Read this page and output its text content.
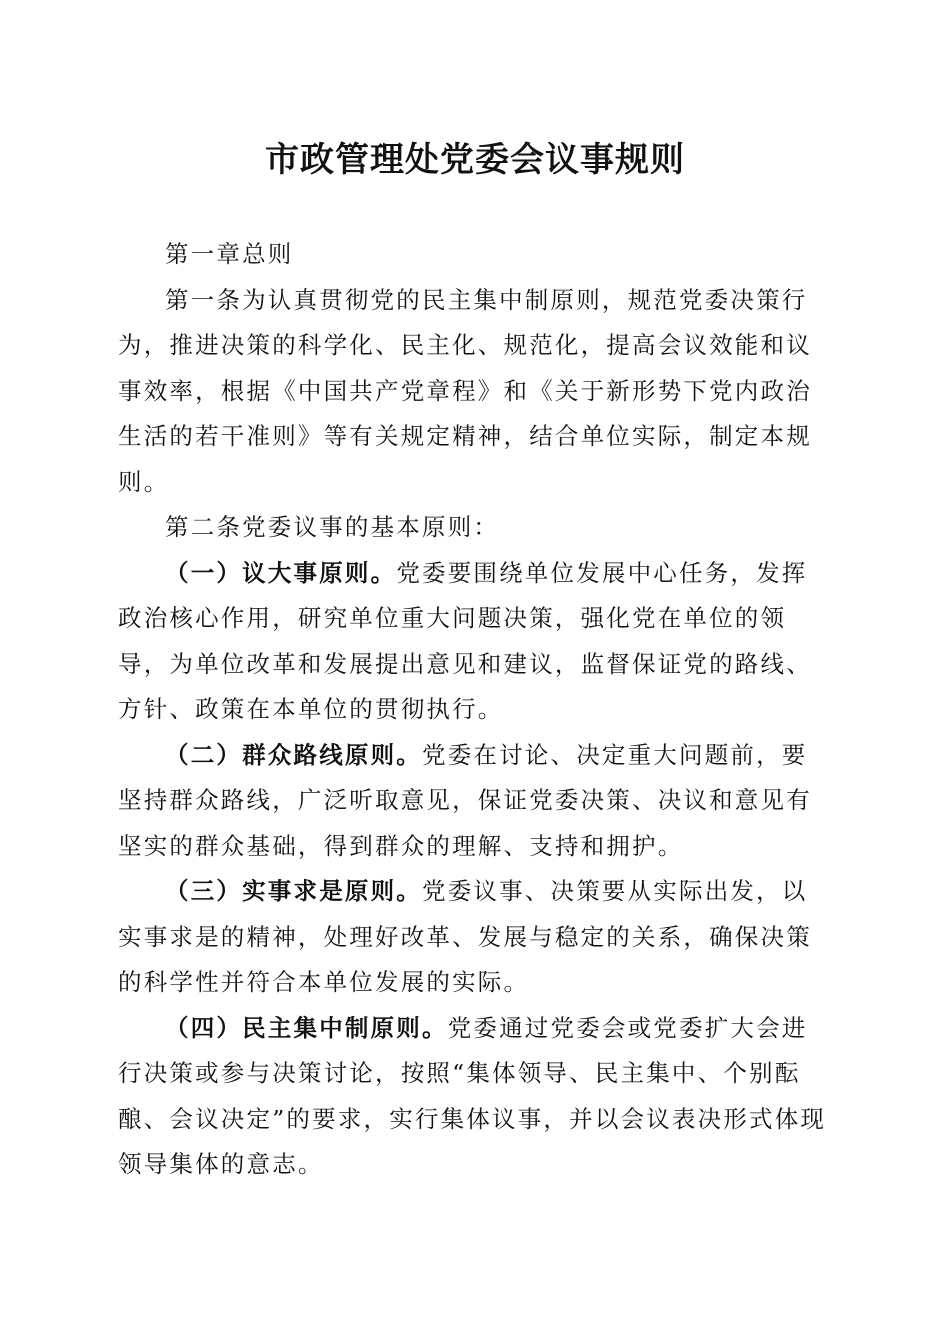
市政管理处党委会议事规则

第一章总则

第一条为认真贯彻党的民主集中制原则，规范党委决策行为，推进决策的科学化、民主化、规范化，提高会议效能和议事效率，根据《中国共产党章程》和《关于新形势下党内政治生活的若干准则》等有关规定精神，结合单位实际，制定本规则。

第二条党委议事的基本原则：

（一）议大事原则。党委要围绕单位发展中心任务，发挥政治核心作用，研究单位重大问题决策，强化党在单位的领导，为单位改革和发展提出意见和建议，监督保证党的路线、方针、政策在本单位的贯彻执行。

（二）群众路线原则。党委在讨论、决定重大问题前，要坚持群众路线，广泛听取意见，保证党委决策、决议和意见有坚实的群众基础，得到群众的理解、支持和拥护。

（三）实事求是原则。党委议事、决策要从实际出发，以实事求是的精神，处理好改革、发展与稳定的关系，确保决策的科学性并符合本单位发展的实际。

（四）民主集中制原则。党委通过党委会或党委扩大会进行决策或参与决策讨论，按照“集体领导、民主集中、个别酝酿、会议决定”的要求，实行集体议事，并以会议表决形式体现领导集体的意志。
